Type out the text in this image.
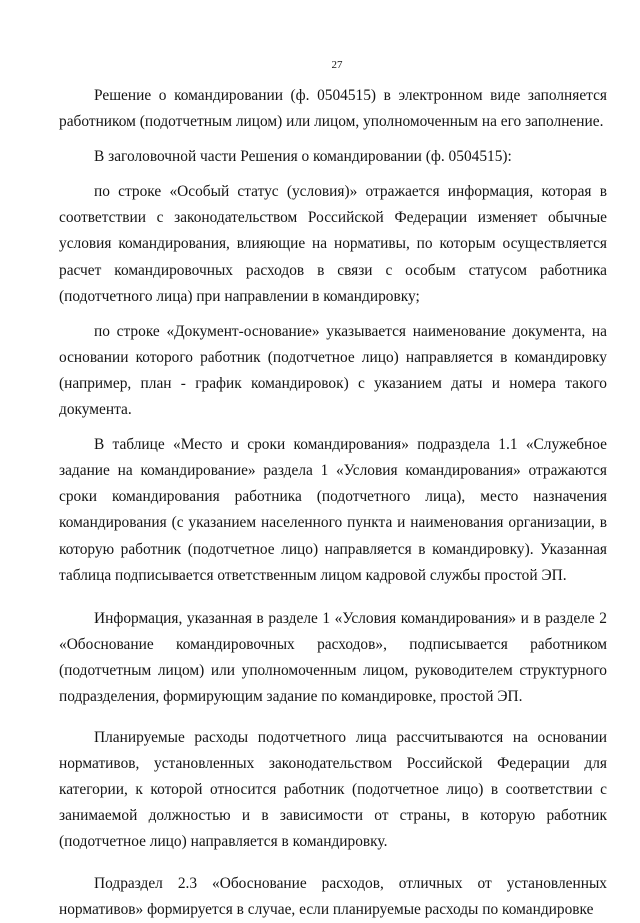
27

Решение о командировании (ф. 0504515) в электронном виде заполняется работником (подотчетным лицом) или лицом, уполномоченным на его заполнение.

В заголовочной части Решения о командировании (ф. 0504515):

по строке «Особый статус (условия)» отражается информация, которая в соответствии с законодательством Российской Федерации изменяет обычные условия командирования, влияющие на нормативы, по которым осуществляется расчет командировочных расходов в связи с особым статусом работника (подотчетного лица) при направлении в командировку;

по строке «Документ-основание» указывается наименование документа, на основании которого работник (подотчетное лицо) направляется в командировку (например, план - график командировок) с указанием даты и номера такого документа.

В таблице «Место и сроки командирования» подраздела 1.1 «Служебное задание на командирование» раздела 1 «Условия командирования» отражаются сроки командирования работника (подотчетного лица), место назначения командирования (с указанием населенного пункта и наименования организации, в которую работник (подотчетное лицо) направляется в командировку). Указанная таблица подписывается ответственным лицом кадровой службы простой ЭП.

Информация, указанная в разделе 1 «Условия командирования» и в разделе 2 «Обоснование командировочных расходов», подписывается работником (подотчетным лицом) или уполномоченным лицом, руководителем структурного подразделения, формирующим задание по командировке, простой ЭП.

Планируемые расходы подотчетного лица рассчитываются на основании нормативов, установленных законодательством Российской Федерации для категории, к которой относится работник (подотчетное лицо) в соответствии с занимаемой должностью и в зависимости от страны, в которую работник (подотчетное лицо) направляется в командировку.

Подраздел 2.3 «Обоснование расходов, отличных от установленных нормативов» формируется в случае, если планируемые расходы по командировке
